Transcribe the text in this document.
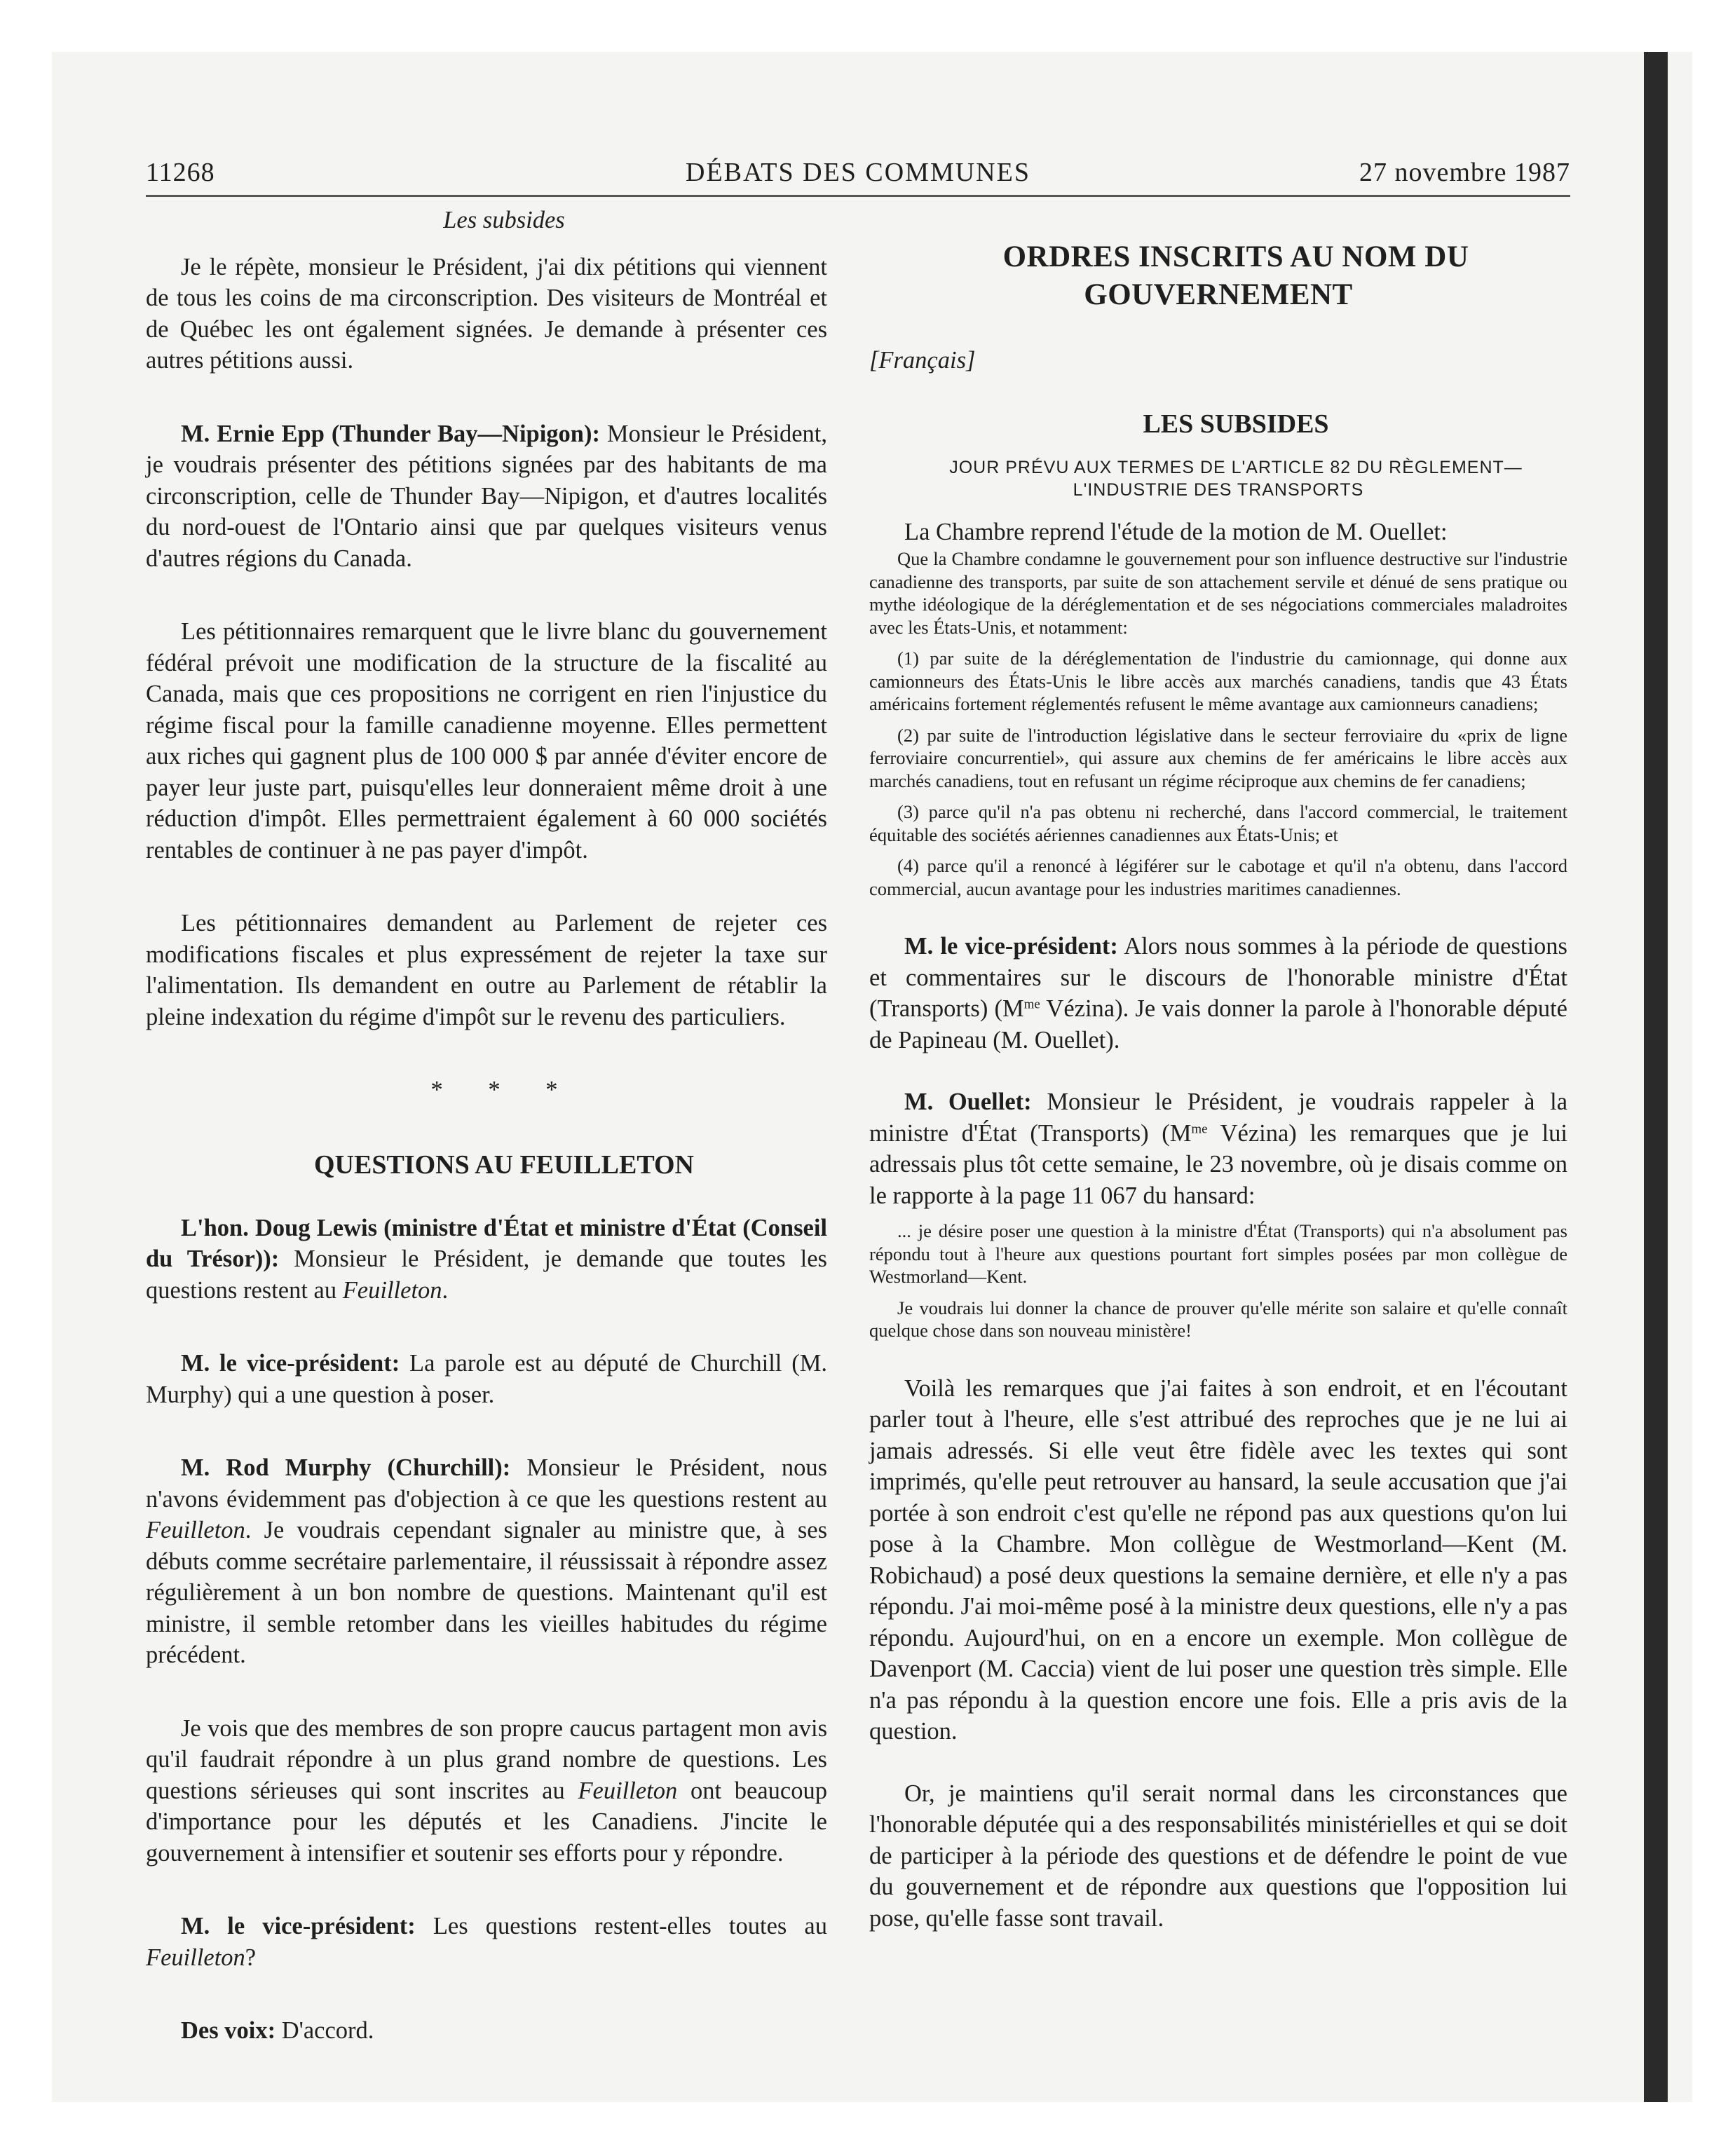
11268	DÉBATS DES COMMUNES	27 novembre 1987

Les subsides

Je le répète, monsieur le Président, j'ai dix pétitions qui viennent de tous les coins de ma circonscription. Des visiteurs de Montréal et de Québec les ont également signées. Je demande à présenter ces autres pétitions aussi.

M. Ernie Epp (Thunder Bay—Nipigon): Monsieur le Président, je voudrais présenter des pétitions signées par des habitants de ma circonscription, celle de Thunder Bay—Nipigon, et d'autres localités du nord-ouest de l'Ontario ainsi que par quelques visiteurs venus d'autres régions du Canada.

Les pétitionnaires remarquent que le livre blanc du gouvernement fédéral prévoit une modification de la structure de la fiscalité au Canada, mais que ces propositions ne corrigent en rien l'injustice du régime fiscal pour la famille canadienne moyenne. Elles permettent aux riches qui gagnent plus de 100 000 $ par année d'éviter encore de payer leur juste part, puisqu'elles leur donneraient même droit à une réduction d'impôt. Elles permettraient également à 60 000 sociétés rentables de continuer à ne pas payer d'impôt.

Les pétitionnaires demandent au Parlement de rejeter ces modifications fiscales et plus expressément de rejeter la taxe sur l'alimentation. Ils demandent en outre au Parlement de rétablir la pleine indexation du régime d'impôt sur le revenu des particuliers.

* * *

QUESTIONS AU FEUILLETON

L'hon. Doug Lewis (ministre d'État et ministre d'État (Conseil du Trésor)): Monsieur le Président, je demande que toutes les questions restent au Feuilleton.

M. le vice-président: La parole est au député de Churchill (M. Murphy) qui a une question à poser.

M. Rod Murphy (Churchill): Monsieur le Président, nous n'avons évidemment pas d'objection à ce que les questions restent au Feuilleton. Je voudrais cependant signaler au ministre que, à ses débuts comme secrétaire parlementaire, il réussissait à répondre assez régulièrement à un bon nombre de questions. Maintenant qu'il est ministre, il semble retomber dans les vieilles habitudes du régime précédent.

Je vois que des membres de son propre caucus partagent mon avis qu'il faudrait répondre à un plus grand nombre de questions. Les questions sérieuses qui sont inscrites au Feuilleton ont beaucoup d'importance pour les députés et les Canadiens. J'incite le gouvernement à intensifier et soutenir ses efforts pour y répondre.

M. le vice-président: Les questions restent-elles toutes au Feuilleton?

Des voix: D'accord.

ORDRES INSCRITS AU NOM DU GOUVERNEMENT

[Français]

LES SUBSIDES

JOUR PRÉVU AUX TERMES DE L'ARTICLE 82 DU RÈGLEMENT— L'INDUSTRIE DES TRANSPORTS

La Chambre reprend l'étude de la motion de M. Ouellet:

Que la Chambre condamne le gouvernement pour son influence destructive sur l'industrie canadienne des transports, par suite de son attachement servile et dénué de sens pratique ou mythe idéologique de la déréglementation et de ses négociations commerciales maladroites avec les États-Unis, et notamment:

(1) par suite de la déréglementation de l'industrie du camionnage, qui donne aux camionneurs des États-Unis le libre accès aux marchés canadiens, tandis que 43 États américains fortement réglementés refusent le même avantage aux camionneurs canadiens;

(2) par suite de l'introduction législative dans le secteur ferroviaire du «prix de ligne ferroviaire concurrentiel», qui assure aux chemins de fer américains le libre accès aux marchés canadiens, tout en refusant un régime réciproque aux chemins de fer canadiens;

(3) parce qu'il n'a pas obtenu ni recherché, dans l'accord commercial, le traitement équitable des sociétés aériennes canadiennes aux États-Unis; et

(4) parce qu'il a renoncé à légiférer sur le cabotage et qu'il n'a obtenu, dans l'accord commercial, aucun avantage pour les industries maritimes canadiennes.

M. le vice-président: Alors nous sommes à la période de questions et commentaires sur le discours de l'honorable ministre d'État (Transports) ($M^{me}$ Vézina). Je vais donner la parole à l'honorable député de Papineau (M. Ouellet).

M. Ouellet: Monsieur le Président, je voudrais rappeler à la ministre d'État (Transports) ($M^{me}$ Vézina) les remarques que je lui adressais plus tôt cette semaine, le 23 novembre, où je disais comme on le rapporte à la page 11 067 du hansard:

... je désire poser une question à la ministre d'État (Transports) qui n'a absolument pas répondu tout à l'heure aux questions pourtant fort simples posées par mon collègue de Westmorland—Kent.

Je voudrais lui donner la chance de prouver qu'elle mérite son salaire et qu'elle connaît quelque chose dans son nouveau ministère!

Voilà les remarques que j'ai faites à son endroit, et en l'écoutant parler tout à l'heure, elle s'est attribué des reproches que je ne lui ai jamais adressés. Si elle veut être fidèle avec les textes qui sont imprimés, qu'elle peut retrouver au hansard, la seule accusation que j'ai portée à son endroit c'est qu'elle ne répond pas aux questions qu'on lui pose à la Chambre. Mon collègue de Westmorland—Kent (M. Robichaud) a posé deux questions la semaine dernière, et elle n'y a pas répondu. J'ai moi-même posé à la ministre deux questions, elle n'y a pas répondu. Aujourd'hui, on en a encore un exemple. Mon collègue de Davenport (M. Caccia) vient de lui poser une question très simple. Elle n'a pas répondu à la question encore une fois. Elle a pris avis de la question.

Or, je maintiens qu'il serait normal dans les circonstances que l'honorable députée qui a des responsabilités ministérielles et qui se doit de participer à la période des questions et de défendre le point de vue du gouvernement et de répondre aux questions que l'opposition lui pose, qu'elle fasse sont travail.
